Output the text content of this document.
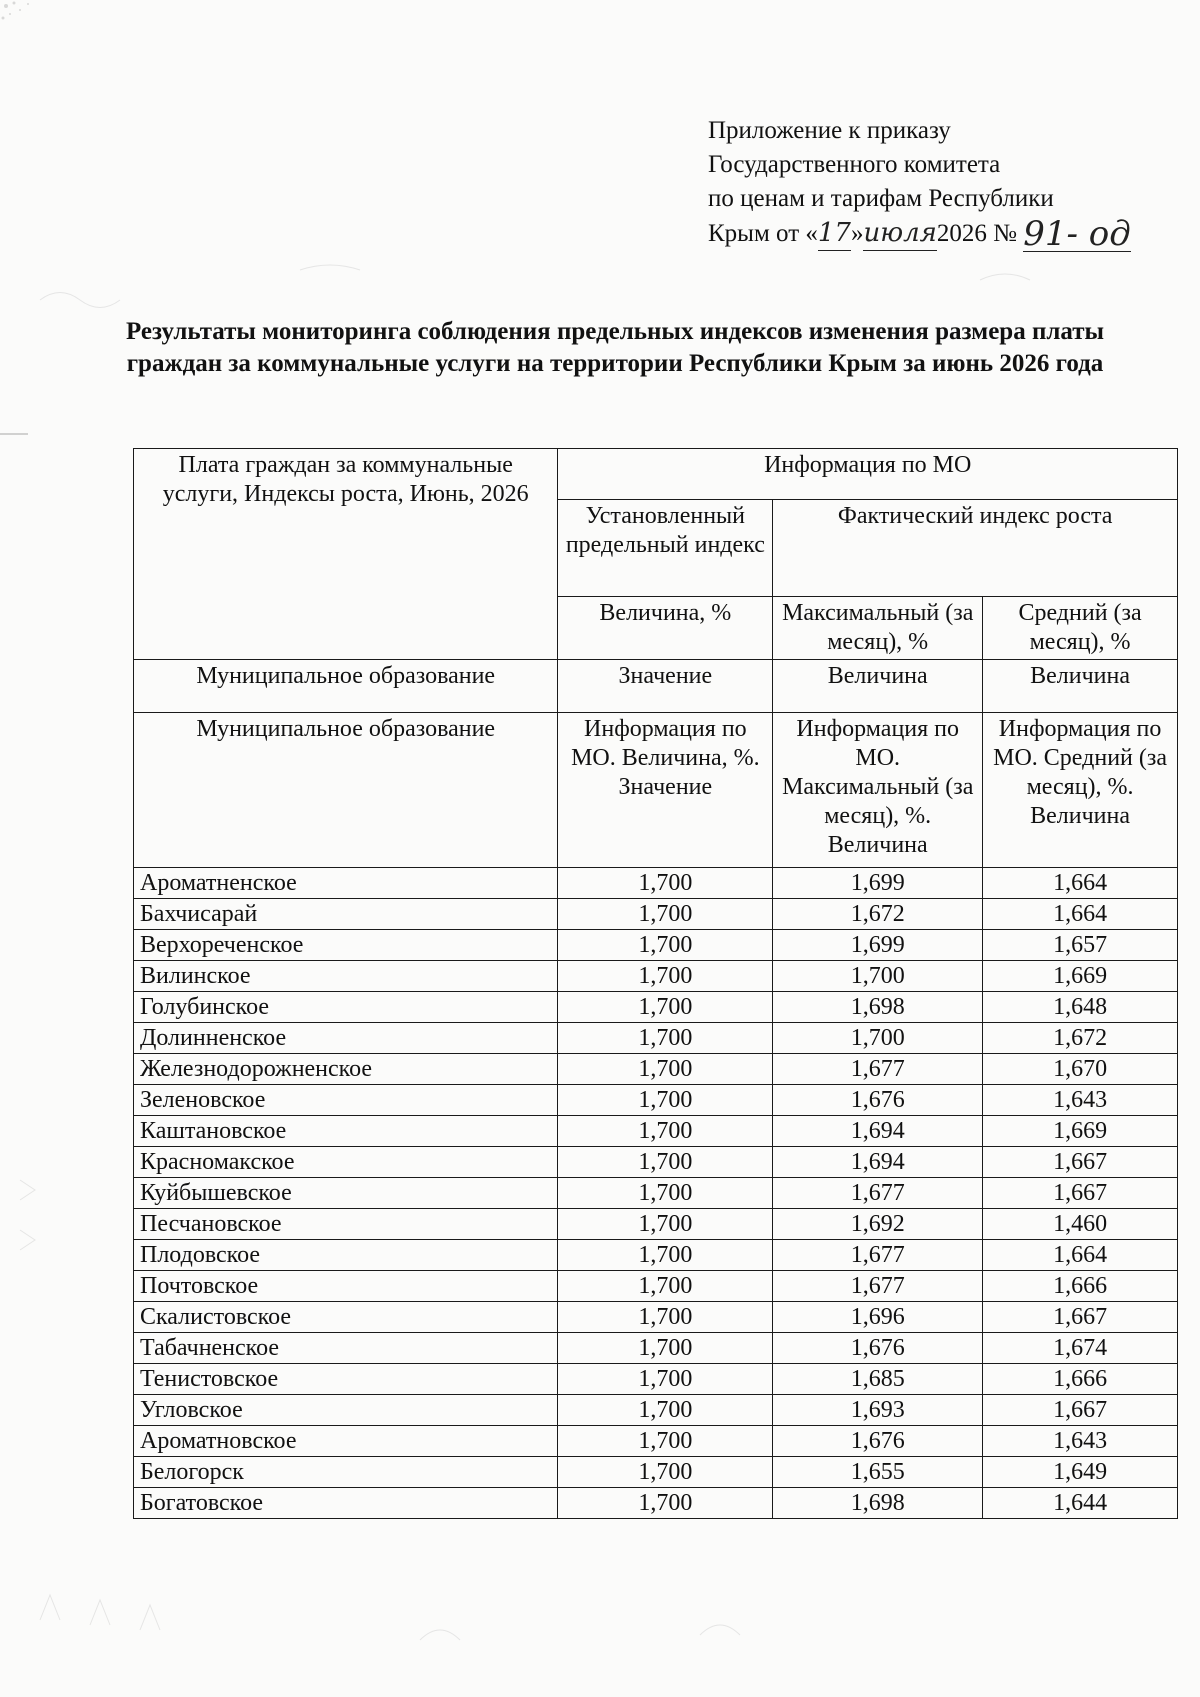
Приложение к приказу
Государственного комитета
по ценам и тарифам Республики
Крым от «17»июля2026 № 91- од
Результаты мониторинга соблюдения предельных индексов изменения размера платы граждан за коммунальные услуги на территории Республики Крым за июнь 2026 года
Плата граждан за коммунальные услуги, Индексы роста, Июнь, 2026	Информация по МО		
	Установленный предельный индекс	Фактический индекс роста	
	Величина, %	Максимальный (за месяц), %	Средний (за месяц), %
Муниципальное образование	Значение	Величина	Величина
Муниципальное образование	Информация по МО. Величина, %. Значение	Информация по МО. Максимальный (за месяц), %. Величина	Информация по МО. Средний (за месяц), %. Величина
Ароматненское	1,700	1,699	1,664
Бахчисарай	1,700	1,672	1,664
Верхореченское	1,700	1,699	1,657
Вилинское	1,700	1,700	1,669
Голубинское	1,700	1,698	1,648
Долинненское	1,700	1,700	1,672
Железнодорожненское	1,700	1,677	1,670
Зеленовское	1,700	1,676	1,643
Каштановское	1,700	1,694	1,669
Красномакское	1,700	1,694	1,667
Куйбышевское	1,700	1,677	1,667
Песчановское	1,700	1,692	1,460
Плодовское	1,700	1,677	1,664
Почтовское	1,700	1,677	1,666
Скалистовское	1,700	1,696	1,667
Табачненское	1,700	1,676	1,674
Тенистовское	1,700	1,685	1,666
Угловское	1,700	1,693	1,667
Ароматновское	1,700	1,676	1,643
Белогорск	1,700	1,655	1,649
Богатовское	1,700	1,698	1,644
